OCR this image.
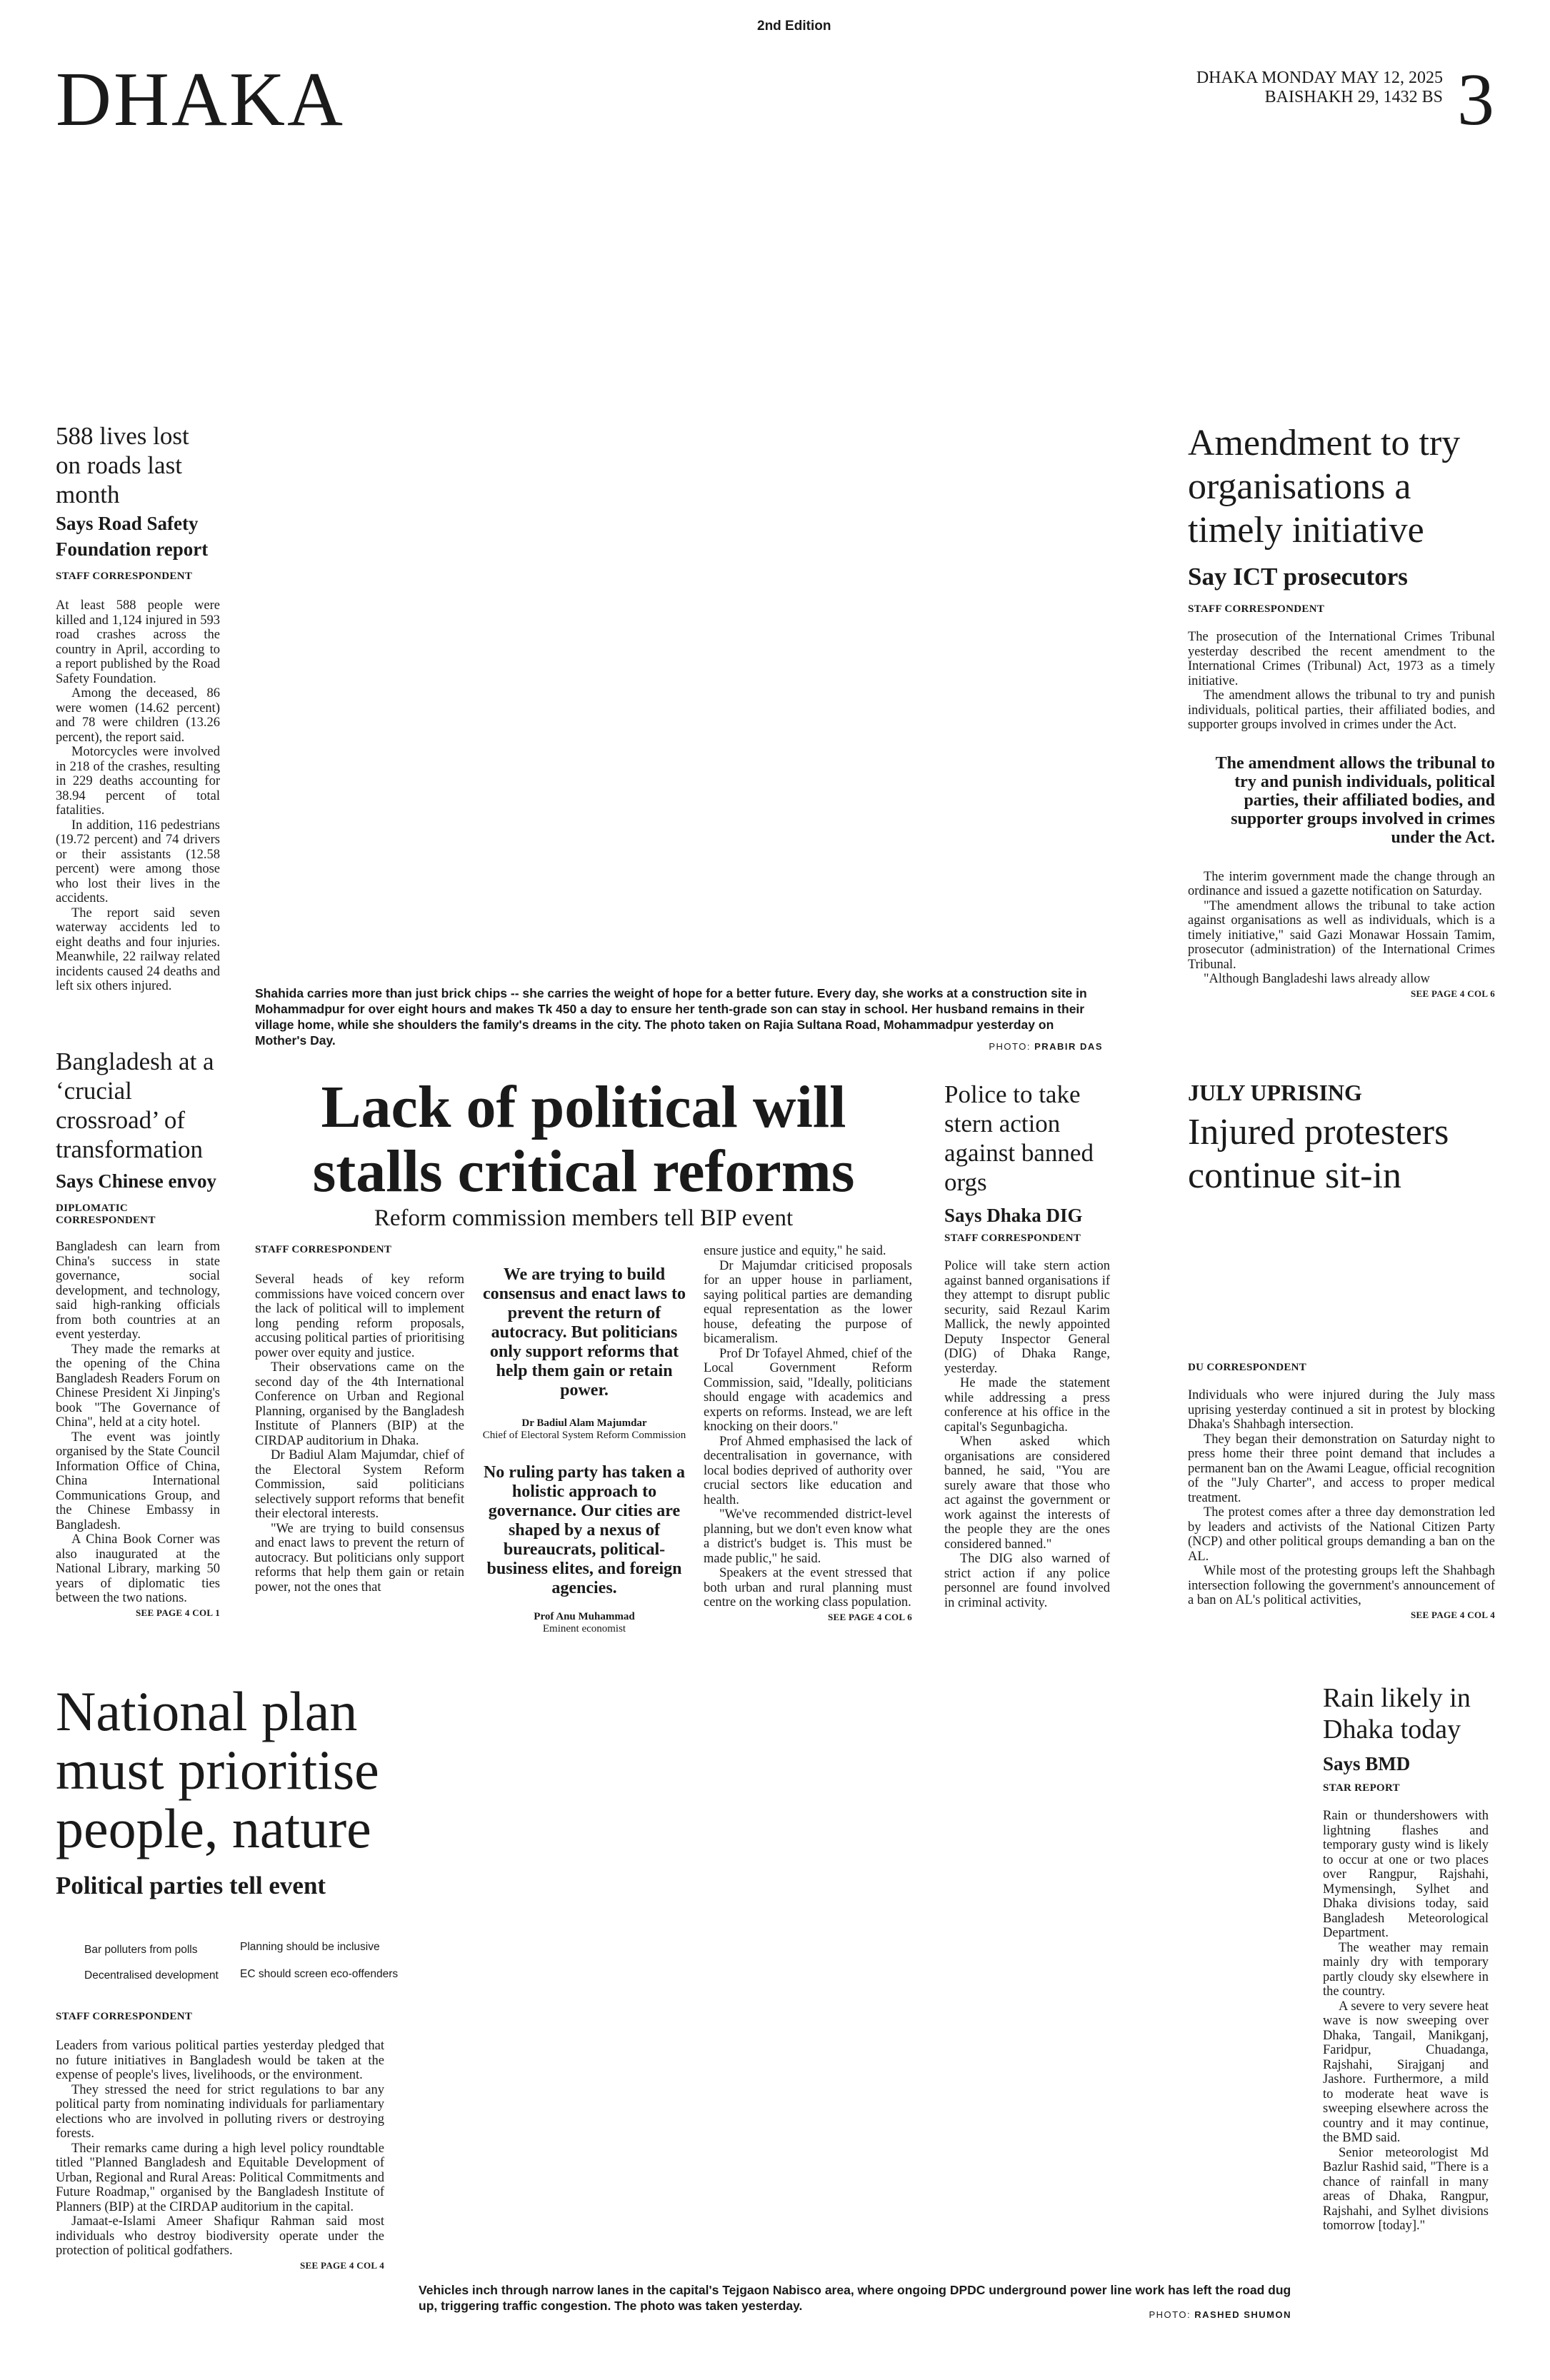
2nd Edition
DHAKA	DHAKA MONDAY MAY 12, 2025
BAISHAKH 29, 1432 BS 3
588 lives lost on roads last month
Says Road Safety Foundation report
STAFF CORRESPONDENT

At least 588 people were killed and 1,124 injured in 593 road crashes across the country in April, according to a report published by the Road Safety Foundation.

Among the deceased, 86 were women (14.62 percent) and 78 were children (13.26 percent), the report said.

Motorcycles were involved in 218 of the crashes, resulting in 229 deaths accounting for 38.94 percent of total fatalities.

In addition, 116 pedestrians (19.72 percent) and 74 drivers or their assistants (12.58 percent) were among those who lost their lives in the accidents.

The report said seven waterway accidents led to eight deaths and four injuries. Meanwhile, 22 railway related incidents caused 24 deaths and left six others injured.	Shahida carries more than just brick chips -- she carries the weight of hope for a better future. Every day, she works at a construction site in Mohammadpur for over eight hours and makes Tk 450 a day to ensure her tenth-grade son can stay in school. Her husband remains in their village home, while she shoulders the family's dreams in the city. The photo taken on Rajia Sultana Road, Mohammadpur yesterday on Mother's Day.	PHOTO: PRABIR DAS
Amendment to try organisations a timely initiative
Say ICT prosecutors
STAFF CORRESPONDENT

The prosecution of the International Crimes Tribunal yesterday described the recent amendment to the International Crimes (Tribunal) Act, 1973 as a timely initiative.

The amendment allows the tribunal to try and punish individuals, political parties, their affiliated bodies, and supporter groups involved in crimes under the Act.

The amendment allows the tribunal to try and punish individuals, political parties, their affiliated bodies, and supporter groups involved in crimes under the Act.

The interim government made the change through an ordinance and issued a gazette notification on Saturday.

"The amendment allows the tribunal to take action against organisations as well as individuals, which is a timely initiative," said Gazi Monawar Hossain Tamim, prosecutor (administration) of the International Crimes Tribunal.

"Although Bangladeshi laws already allow

SEE PAGE 4 COL 6
Bangladesh at a ‘crucial crossroad’ of transformation
Says Chinese envoy
DIPLOMATIC CORRESPONDENT

Bangladesh can learn from China's success in state governance, social development, and technology, said high-ranking officials from both countries at an event yesterday.

They made the remarks at the opening of the China Bangladesh Readers Forum on Chinese President Xi Jinping's book "The Governance of China", held at a city hotel.

The event was jointly organised by the State Council Information Office of China, China International Communications Group, and the Chinese Embassy in Bangladesh.

A China Book Corner was also inaugurated at the National Library, marking 50 years of diplomatic ties between the two nations.

SEE PAGE 4 COL 1
Lack of political will stalls critical reforms
Reform commission members tell BIP event
STAFF CORRESPONDENT

Several heads of key reform commissions have voiced concern over the lack of political will to implement long pending reform proposals, accusing political parties of prioritising power over equity and justice.

Their observations came on the second day of the 4th International Conference on Urban and Regional Planning, organised by the Bangladesh Institute of Planners (BIP) at the CIRDAP auditorium in Dhaka.

Dr Badiul Alam Majumdar, chief of the Electoral System Reform Commission, said politicians selectively support reforms that benefit their electoral interests.

"We are trying to build consensus and enact laws to prevent the return of autocracy. But politicians only support reforms that help them gain or retain power, not the ones that

We are trying to build consensus and enact laws to prevent the return of autocracy. But politicians only support reforms that help them gain or retain power.
Dr Badiul Alam Majumdar
Chief of Electoral System Reform Commission
No ruling party has taken a holistic approach to governance. Our cities are shaped by a nexus of bureaucrats, political-business elites, and foreign agencies.
Prof Anu Muhammad
Eminent economist

ensure justice and equity," he said.

Dr Majumdar criticised proposals for an upper house in parliament, saying political parties are demanding equal representation as the lower house, defeating the purpose of bicameralism.

Prof Dr Tofayel Ahmed, chief of the Local Government Reform Commission, said, "Ideally, politicians should engage with academics and experts on reforms. Instead, we are left knocking on their doors."

Prof Ahmed emphasised the lack of decentralisation in governance, with local bodies deprived of authority over crucial sectors like education and health.

"We've recommended district-level planning, but we don't even know what a district's budget is. This must be made public," he said.

Speakers at the event stressed that both urban and rural planning must centre on the working class population.

SEE PAGE 4 COL 6
Police to take stern action against banned orgs
Says Dhaka DIG
STAFF CORRESPONDENT

Police will take stern action against banned organisations if they attempt to disrupt public security, said Rezaul Karim Mallick, the newly appointed Deputy Inspector General (DIG) of Dhaka Range, yesterday.

He made the statement while addressing a press conference at his office in the capital's Segunbagicha.

When asked which organisations are considered banned, he said, "You are surely aware that those who act against the government or work against the interests of the people they are the ones considered banned."

The DIG also warned of strict action if any police personnel are found involved in criminal activity.

JULY UPRISING
Injured protesters continue sit-in
DU CORRESPONDENT

Individuals who were injured during the July mass uprising yesterday continued a sit in protest by blocking Dhaka's Shahbagh intersection.

They began their demonstration on Saturday night to press home their three point demand that includes a permanent ban on the Awami League, official recognition of the "July Charter", and access to proper medical treatment.

The protest comes after a three day demonstration led by leaders and activists of the National Citizen Party (NCP) and other political groups demanding a ban on the AL.

While most of the protesting groups left the Shahbagh intersection following the government's announcement of a ban on AL's political activities,

SEE PAGE 4 COL 4
National plan must prioritise people, nature
Political parties tell event
Bar polluters from polls	Planning should be inclusive
Decentralised development EC should screen eco-offenders
STAFF CORRESPONDENT

Leaders from various political parties yesterday pledged that no future initiatives in Bangladesh would be taken at the expense of people's lives, livelihoods, or the environment.

They stressed the need for strict regulations to bar any political party from nominating individuals for parliamentary elections who are involved in polluting rivers or destroying forests.

Their remarks came during a high level policy roundtable titled "Planned Bangladesh and Equitable Development of Urban, Regional and Rural Areas: Political Commitments and Future Roadmap," organised by the Bangladesh Institute of Planners (BIP) at the CIRDAP auditorium in the capital.

Jamaat-e-Islami Ameer Shafiqur Rahman said most individuals who destroy biodiversity operate under the protection of political godfathers.

SEE PAGE 4 COL 4
Vehicles inch through narrow lanes in the capital's Tejgaon Nabisco area, where ongoing DPDC underground power line work has left the road dug up, triggering traffic congestion. The photo was taken yesterday.
PHOTO: RASHED SHUMON
Rain likely in Dhaka today
Says BMD
STAR REPORT

Rain or thundershowers with lightning flashes and temporary gusty wind is likely to occur at one or two places over Rangpur, Rajshahi, Mymensingh, Sylhet and Dhaka divisions today, said Bangladesh Meteorological Department.

The weather may remain mainly dry with temporary partly cloudy sky elsewhere in the country.

A severe to very severe heat wave is now sweeping over Dhaka, Tangail, Manikganj, Faridpur, Chuadanga, Rajshahi, Sirajganj and Jashore. Furthermore, a mild to moderate heat wave is sweeping elsewhere across the country and it may continue, the BMD said.

Senior meteorologist Md Bazlur Rashid said, "There is a chance of rainfall in many areas of Dhaka, Rangpur, Rajshahi, and Sylhet divisions tomorrow [today]."
